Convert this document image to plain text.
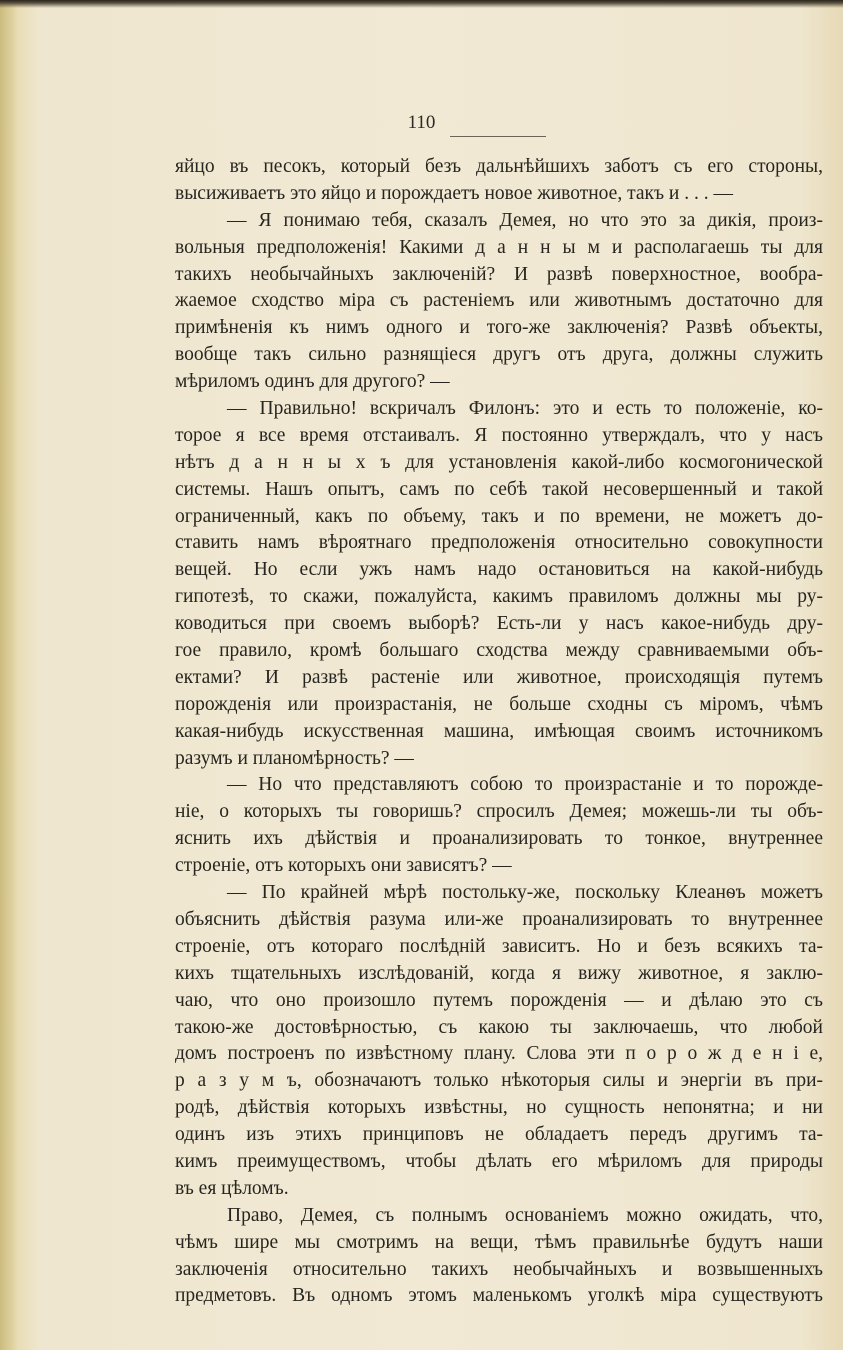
110
яйцо въ песокъ, который безъ дальнѣйшихъ заботъ съ его стороны,
высиживаетъ это яйцо и порождаетъ новое животное, такъ и . . . —
— Я понимаю тебя, сказалъ Демея, но что это за дикія, произ-
вольныя предположенія! Какими д а н н ы м и располагаешь ты для
такихъ необычайныхъ заключеній? И развѣ поверхностное, вообра-
жаемое сходство міра съ растеніемъ или животнымъ достаточно для
примѣненія къ нимъ одного и того-же заключенія? Развѣ объекты,
вообще такъ сильно разнящіеся другъ отъ друга, должны служить
мѣриломъ одинъ для другого? —
— Правильно! вскричалъ Филонъ: это и есть то положеніе, ко-
торое я все время отстаивалъ. Я постоянно утверждалъ, что у насъ
нѣтъ д а н н ы х ъ для установленія какой-либо космогонической
системы. Нашъ опытъ, самъ по себѣ такой несовершенный и такой
ограниченный, какъ по объему, такъ и по времени, не можетъ до-
ставить намъ вѣроятнаго предположенія относительно совокупности
вещей. Но если ужъ намъ надо остановиться на какой-нибудь
гипотезѣ, то скажи, пожалуйста, какимъ правиломъ должны мы ру-
ководиться при своемъ выборѣ? Есть-ли у насъ какое-нибудь дру-
гое правило, кромѣ большаго сходства между сравниваемыми объ-
ектами? И развѣ растеніе или животное, происходящія путемъ
порожденія или произрастанія, не больше сходны съ міромъ, чѣмъ
какая-нибудь искусственная машина, имѣющая своимъ источникомъ
разумъ и планомѣрность? —
— Но что представляютъ собою то произрастаніе и то порожде-
ніе, о которыхъ ты говоришь? спросилъ Демея; можешь-ли ты объ-
яснить ихъ дѣйствія и проанализировать то тонкое, внутреннее
строеніе, отъ которыхъ они зависятъ? —
— По крайней мѣрѣ постольку-же, поскольку Клеанѳъ можетъ
объяснить дѣйствія разума или-же проанализировать то внутреннее
строеніе, отъ котораго послѣдній зависитъ. Но и безъ всякихъ та-
кихъ тщательныхъ изслѣдованій, когда я вижу животное, я заклю-
чаю, что оно произошло путемъ порожденія — и дѣлаю это съ
такою-же достовѣрностью, съ какою ты заключаешь, что любой
домъ построенъ по извѣстному плану. Слова эти п о р о ж д е н і е,
р а з у м ъ, обозначаютъ только нѣкоторыя силы и энергіи въ при-
родѣ, дѣйствія которыхъ извѣстны, но сущность непонятна; и ни
одинъ изъ этихъ принциповъ не обладаетъ передъ другимъ та-
кимъ преимуществомъ, чтобы дѣлать его мѣриломъ для природы
въ ея цѣломъ.
Право, Демея, съ полнымъ основаніемъ можно ожидать, что,
чѣмъ шире мы смотримъ на вещи, тѣмъ правильнѣе будутъ наши
заключенія относительно такихъ необычайныхъ и возвышенныхъ
предметовъ. Въ одномъ этомъ маленькомъ уголкѣ міра существуютъ
